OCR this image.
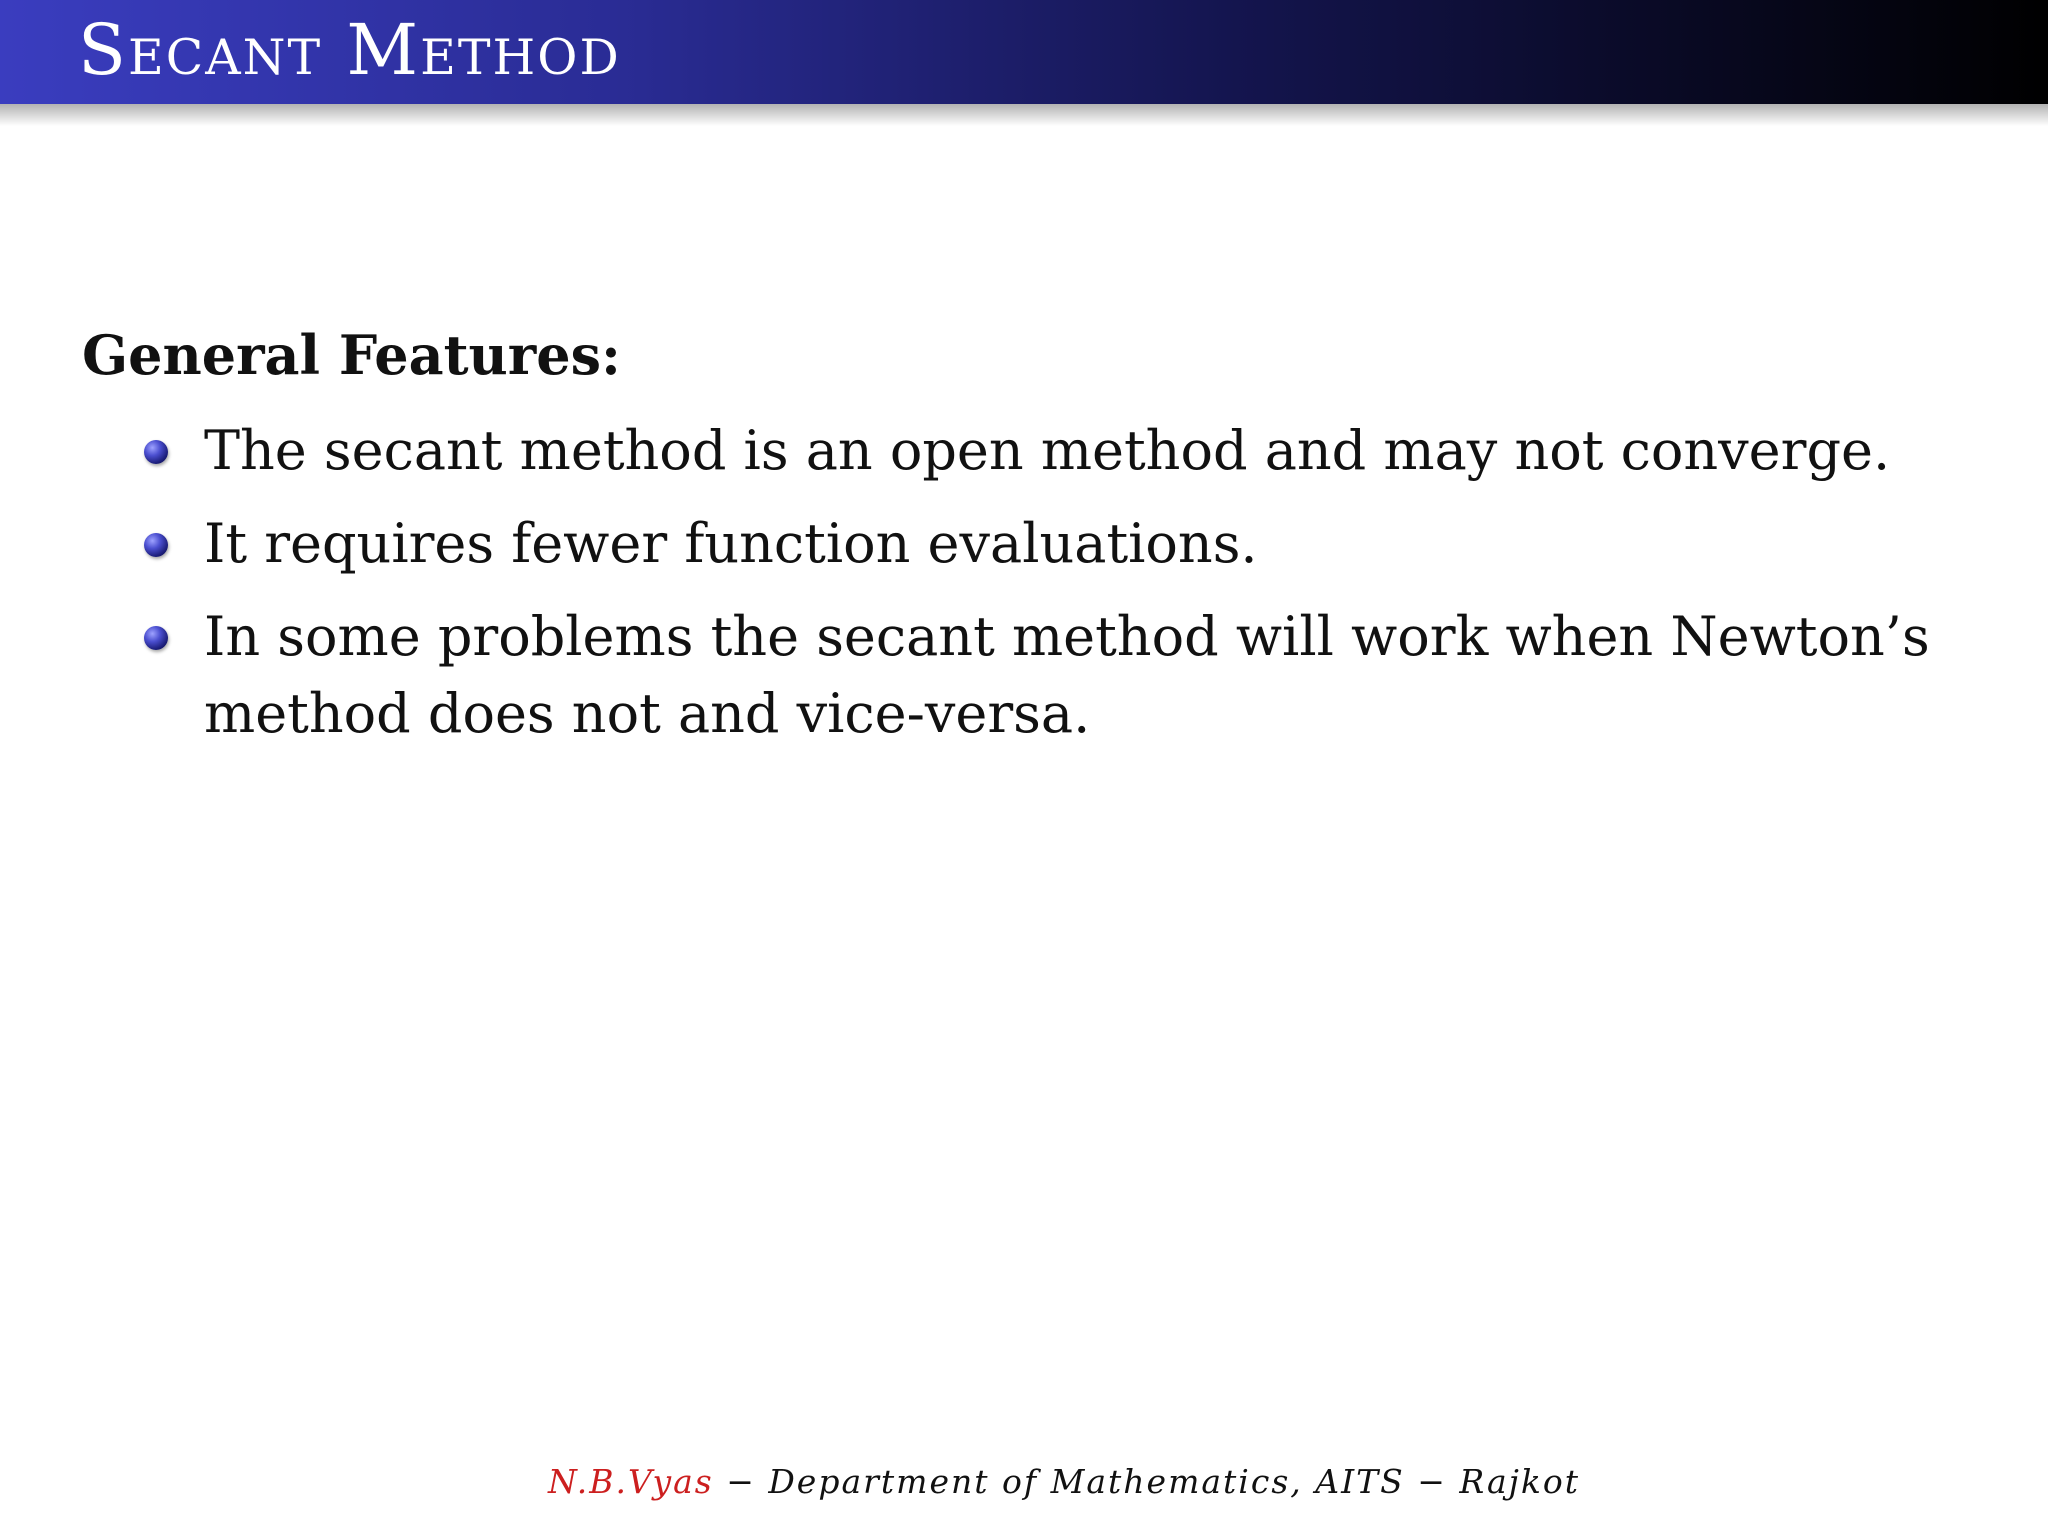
Secant Method
General Features:
The secant method is an open method and may not converge.
It requires fewer function evaluations.
In some problems the secant method will work when Newton’s method does not and vice-versa.
N.B.Vyas − Department of Mathematics, AITS − Rajkot
